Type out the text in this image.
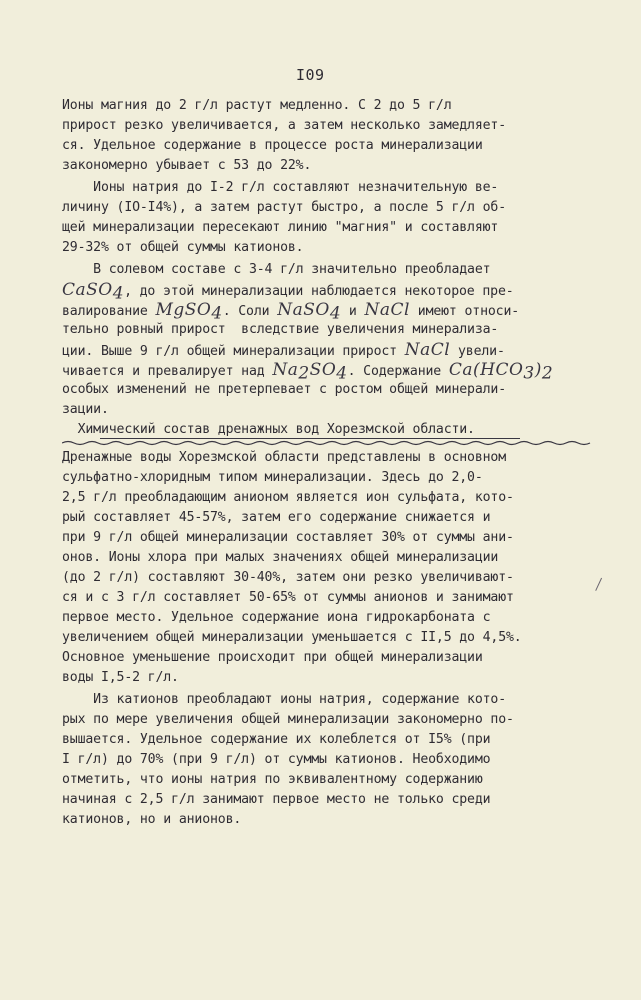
I09
Ионы магния до 2 г/л растут медленно. С 2 до 5 г/л
прирост резко увеличивается, а затем несколько замедляет-
ся. Удельное содержание в процессе роста минерализации
закономерно убывает с 53 до 22%.
Ионы натрия до I-2 г/л составляют незначительную ве-
личину (IO-I4%), а затем растут быстро, а после 5 г/л об-
щей минерализации пересекают линию "магния" и составляют
29-32% от общей суммы катионов.
В солевом составе с 3-4 г/л значительно преобладает
CaSO$_4$, до этой минерализации наблюдается некоторое пре-
валирование MgSO$_4$. Соли NaSO$_4$ и NaCl имеют относи-
тельно ровный прирост  вследствие увеличения минерализа-
ции. Выше 9 г/л общей минерализации прирост NaCl увели-
чивается и превалирует над $Na_2SO_4$. Содержание $Ca(HCO_3)_2$
особых изменений не претерпевает с ростом общей минерали-
зации.
Химический состав дренажных вод Хорезмской области.
Дренажные воды Хорезмской области представлены в основном
сульфатно-хлоридным типом минерализации. Здесь до 2,0-
2,5 г/л преобладающим анионом является ион сульфата, кото-
рый составляет 45-57%, затем его содержание снижается и
при 9 г/л общей минерализации составляет 30% от суммы ани-
онов. Ионы хлора при малых значениях общей минерализации
(до 2 г/л) составляют 30-40%, затем они резко увеличивают-
ся и с 3 г/л составляет 50-65% от суммы анионов и занимают
первое место. Удельное содержание иона гидрокарбоната с
увеличением общей минерализации уменьшается с II,5 до 4,5%.
Основное уменьшение происходит при общей минерализации
воды I,5-2 г/л.
Из катионов преобладают ионы натрия, содержание кото-
рых по мере увеличения общей минерализации закономерно по-
вышается. Удельное содержание их колеблется от I5% (при
I г/л) до 70% (при 9 г/л) от суммы катионов. Необходимо
отметить, что ионы натрия по эквивалентному содержанию
начиная с 2,5 г/л занимают первое место не только среди
катионов, но и анионов.
